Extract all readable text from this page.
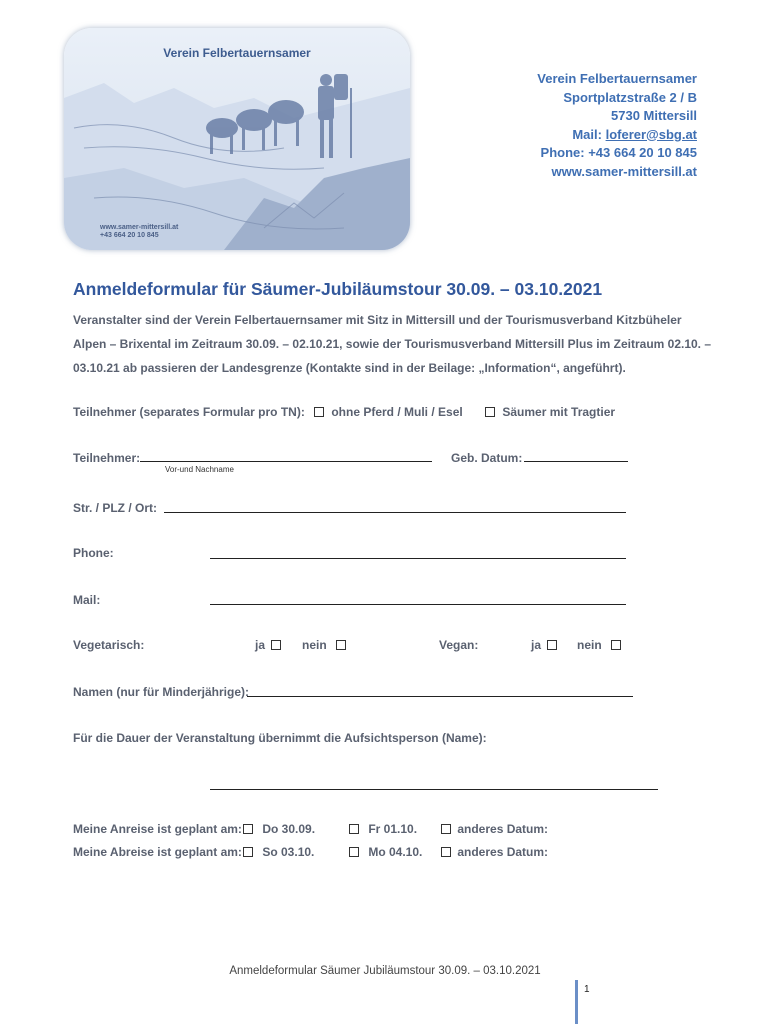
Verein Felbertauernsamer
www.samer-mittersill.at
+43 664 20 10 845
Verein Felbertauernsamer
Sportplatzstraße 2 / B
5730 Mittersill
Mail: loferer@sbg.at
Phone: +43 664 20 10 845
www.samer-mittersill.at
Anmeldeformular für Säumer-Jubiläumstour 30.09. – 03.10.2021
Veranstalter sind der Verein Felbertauernsamer mit Sitz in Mittersill und der Tourismusverband Kitzbüheler
Alpen – Brixental im Zeitraum 30.09. – 02.10.21, sowie der Tourismusverband Mittersill Plus im Zeitraum 02.10. –
03.10.21 ab passieren der Landesgrenze (Kontakte sind in der Beilage: „Information“, angeführt).
Teilnehmer (separates Formular pro TN):	ohne Pferd / Muli / Esel	Säumer mit Tragtier
Teilnehmer:
Vor-und Nachname
Geb. Datum:
Str. / PLZ / Ort:
Phone:
Mail:
Vegetarisch:	ja	nein	Vegan:	ja	nein
Namen (nur für Minderjährige):
Für die Dauer der Veranstaltung übernimmt die Aufsichtsperson (Name):
Meine Anreise ist geplant am:	Do 30.09.	Fr 01.10.	anderes Datum:
Meine Abreise ist geplant am:	So 03.10.	Mo 04.10.	anderes Datum:
Anmeldeformular Säumer Jubiläumstour 30.09. – 03.10.2021
1
